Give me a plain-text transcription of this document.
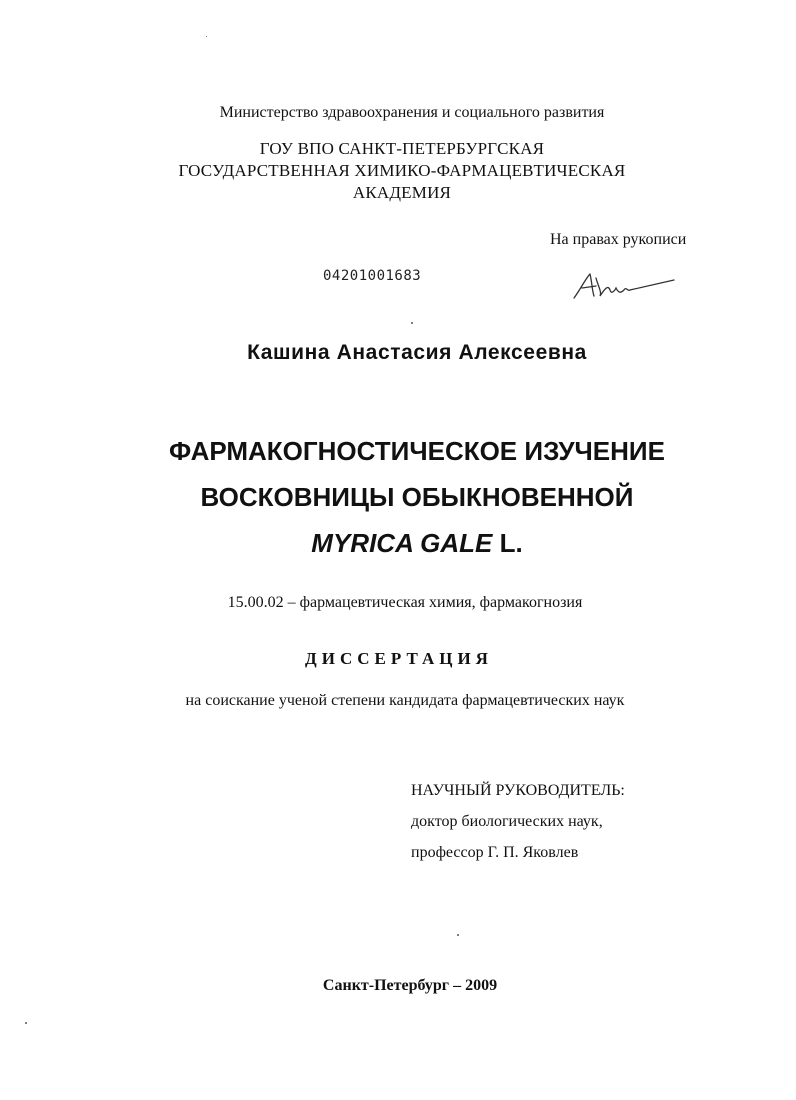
Министерство здравоохранения и социального развития
ГОУ ВПО САНКТ-ПЕТЕРБУРГСКАЯ
ГОСУДАРСТВЕННАЯ ХИМИКО-ФАРМАЦЕВТИЧЕСКАЯ
АКАДЕМИЯ
На правах рукописи
04201001683
Кашина Анастасия Алексеевна
ФАРМАКОГНОСТИЧЕСКОЕ ИЗУЧЕНИЕ
ВОСКОВНИЦЫ ОБЫКНОВЕННОЙ
MYRICA GALE L.
15.00.02 – фармацевтическая химия, фармакогнозия
ДИССЕРТАЦИЯ
на соискание ученой степени кандидата фармацевтических наук
НАУЧНЫЙ РУКОВОДИТЕЛЬ:
доктор биологических наук,
профессор Г. П. Яковлев
Санкт-Петербург – 2009
